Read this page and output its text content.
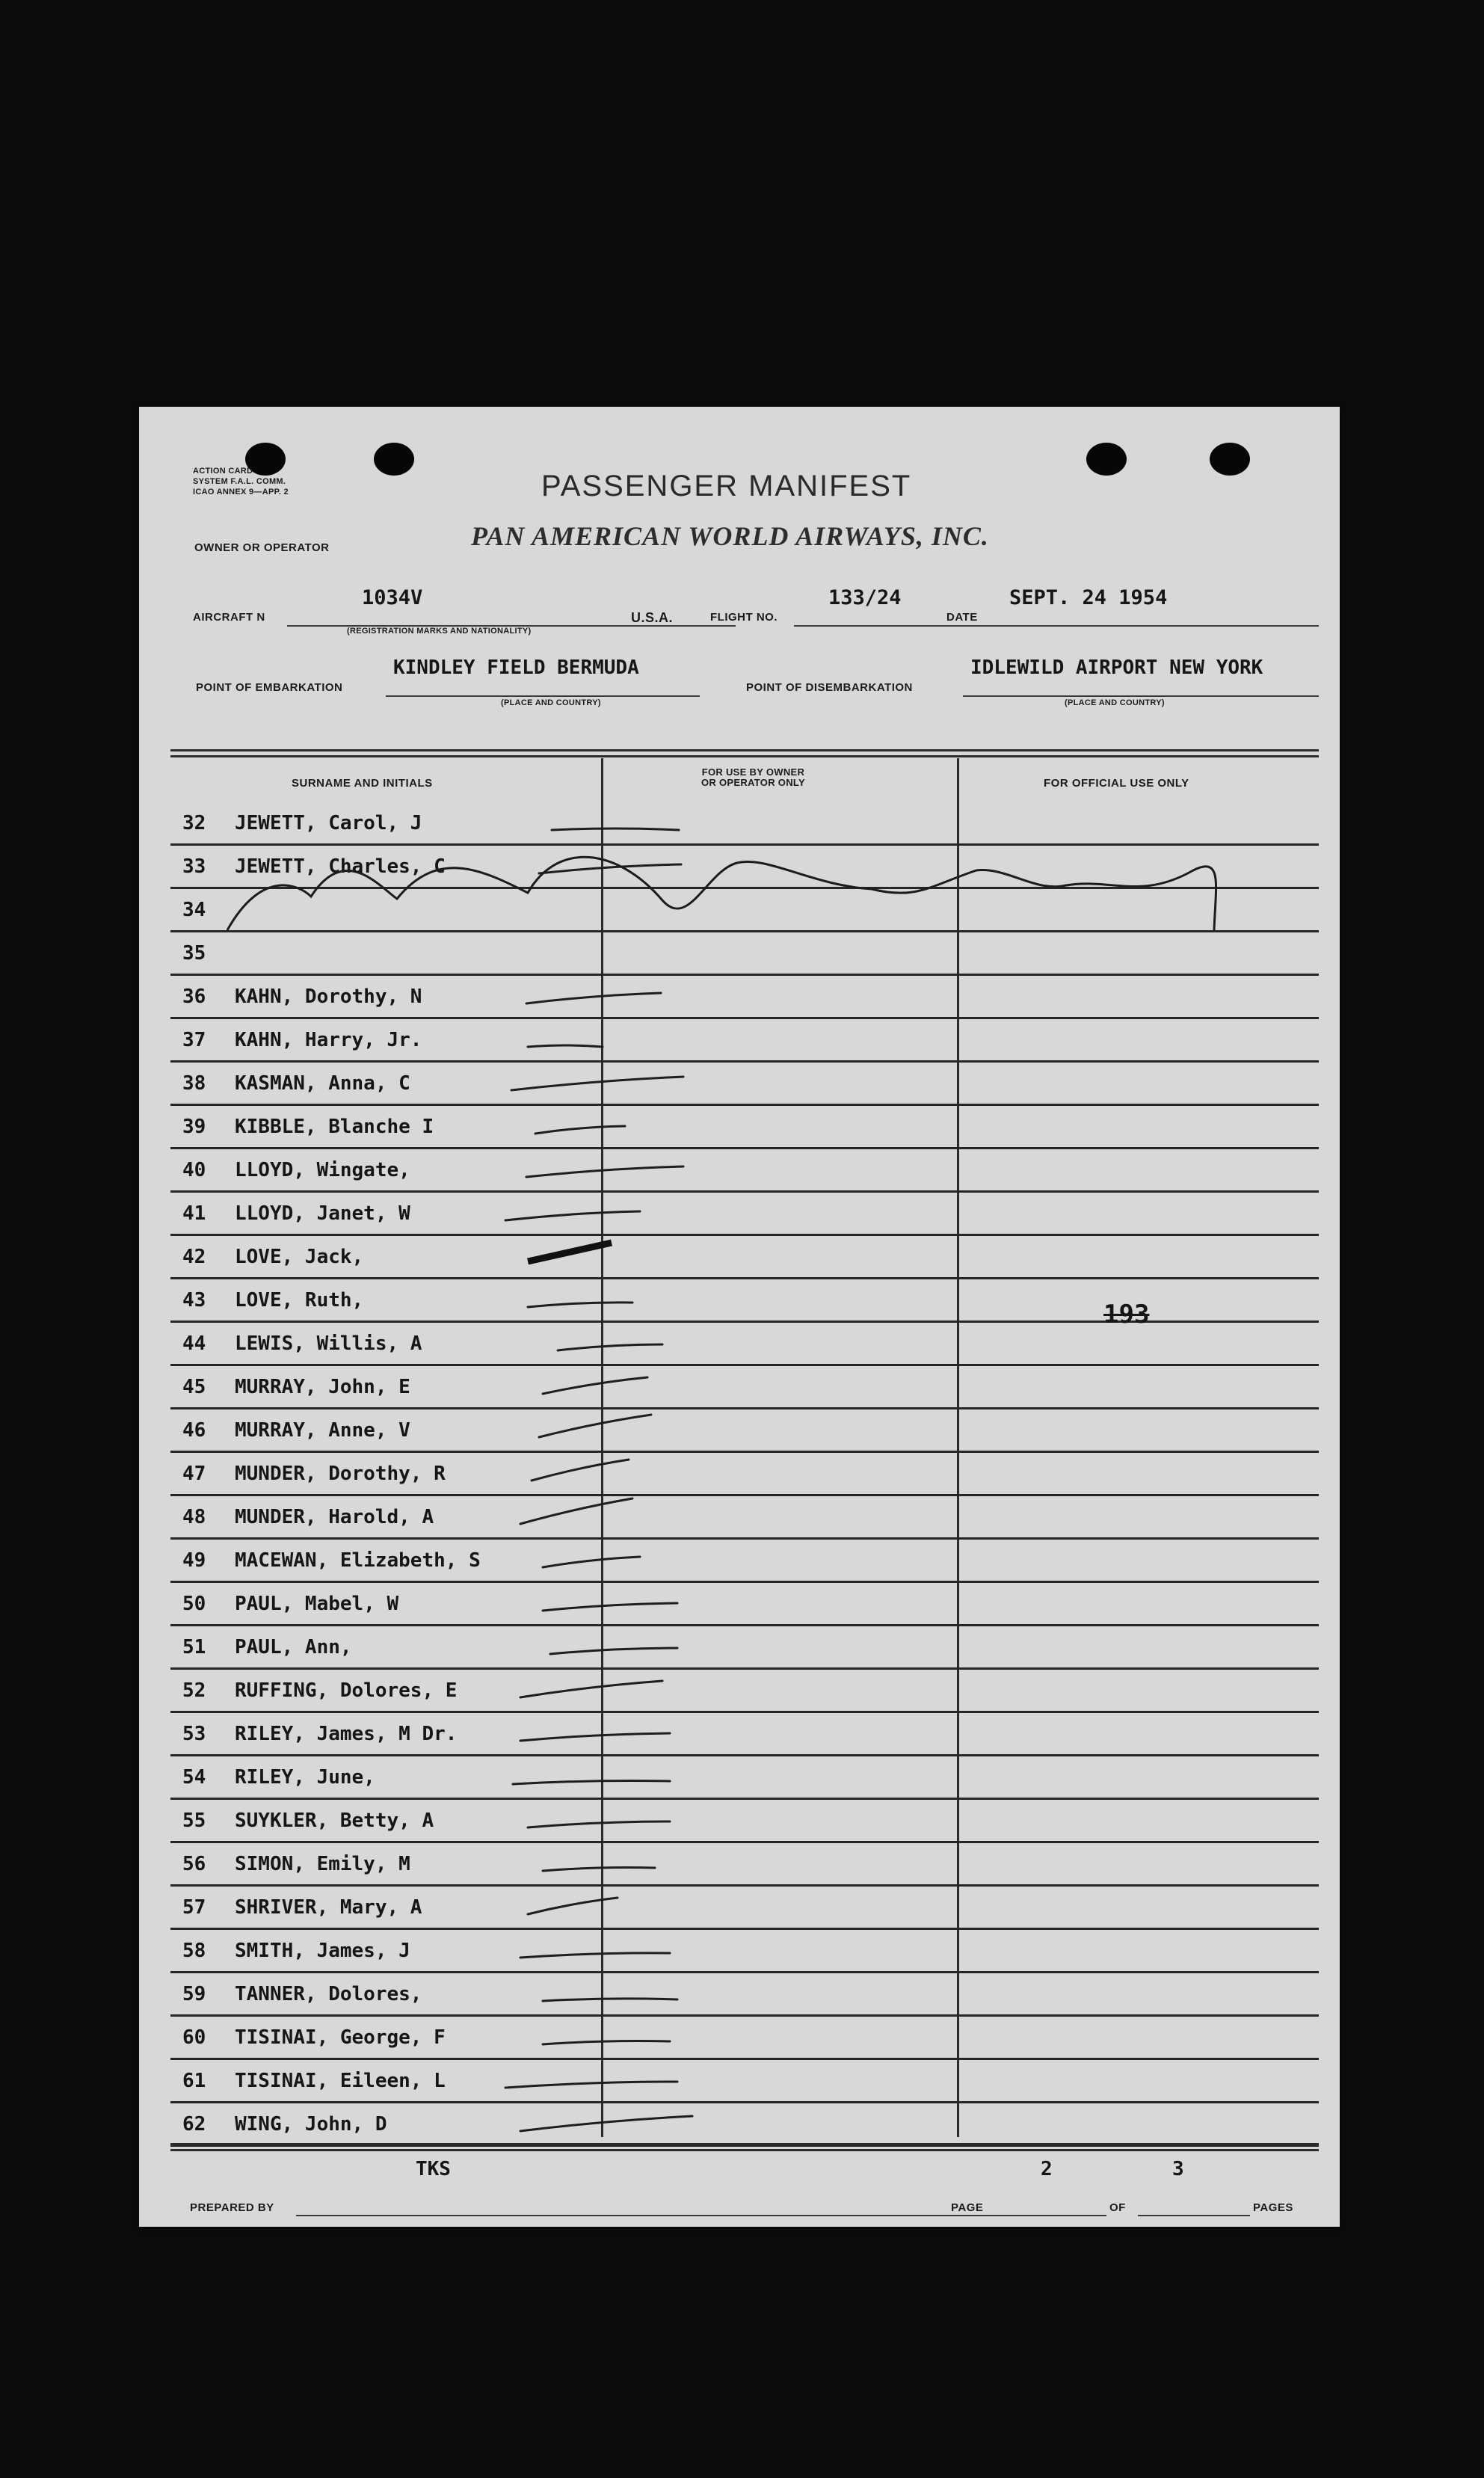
ACTION CARD
SYSTEM F.A.L. COMM.
ICAO ANNEX 9—APP. 2	PASSENGER MANIFEST
OWNER OR OPERATOR	PAN AMERICAN WORLD AIRWAYS, INC.
AIRCRAFT N
1034V
(REGISTRATION MARKS AND NATIONALITY)
U.S.A.	FLIGHT NO.
133/24
DATE
SEPT. 24 1954
POINT OF EMBARKATION
KINDLEY FIELD BERMUDA
(PLACE AND COUNTRY)
POINT OF DISEMBARKATION
IDLEWILD AIRPORT NEW YORK
(PLACE AND COUNTRY)
SURNAME AND INITIALS
FOR USE BY OWNER
OR OPERATOR ONLY	FOR OFFICIAL USE ONLY
32 JEWETT, Carol, J
33 JEWETT, Charles, C
34
35
36 KAHN, Dorothy, N
37 KAHN, Harry, Jr.
38 KASMAN, Anna, C
39 KIBBLE, Blanche I
40 LLOYD, Wingate,
41 LLOYD, Janet, W
42 LOVE, Jack,
43 LOVE, Ruth,
44 LEWIS, Willis, A
45 MURRAY, John, E
46 MURRAY, Anne, V
47 MUNDER, Dorothy, R
48 MUNDER, Harold, A
49 MACEWAN, Elizabeth, S
50 PAUL, Mabel, W
51 PAUL, Ann,
52 RUFFING, Dolores, E
53 RILEY, James, M Dr.
54 RILEY, June,
55 SUYKLER, Betty, A
56 SIMON, Emily, M
57 SHRIVER, Mary, A
58 SMITH, James, J
59 TANNER, Dolores,
60 TISINAI, George, F
61 TISINAI, Eileen, L
62 WING, John, D
193
TKS
PREPARED BY
2
PAGE	OF
3
PAGES
